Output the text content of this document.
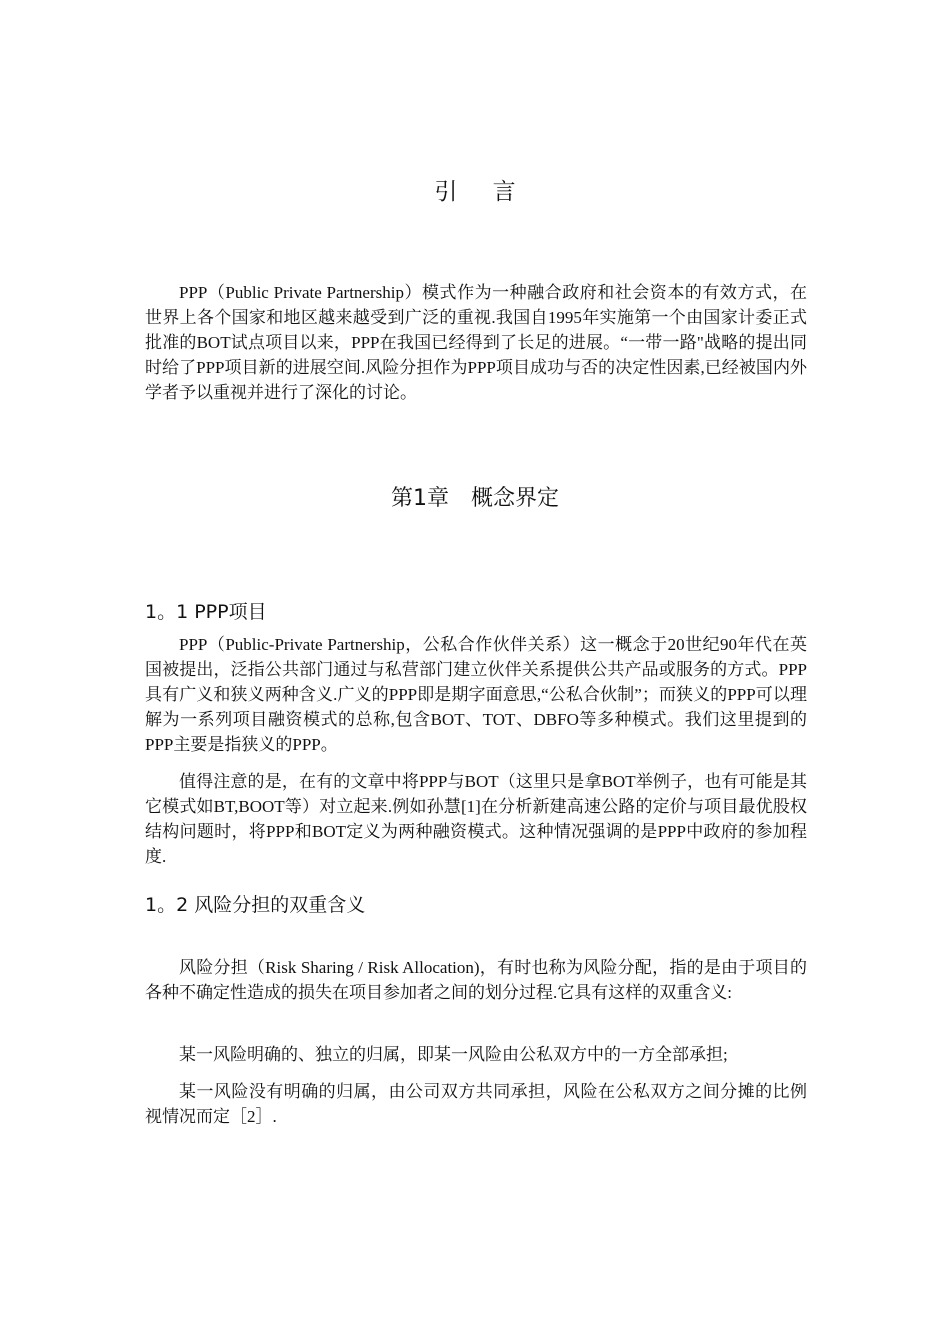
引 言

PPP（Public Private Partnership）模式作为一种融合政府和社会资本的有效方式，在世界上各个国家和地区越来越受到广泛的重视.我国自1995年实施第一个由国家计委正式批准的BOT试点项目以来，PPP在我国已经得到了长足的进展。“一带一路"战略的提出同时给了PPP项目新的进展空间.风险分担作为PPP项目成功与否的决定性因素,已经被国内外学者予以重视并进行了深化的讨论。

第1章　概念界定
1。1 PPP项目

PPP（Public-Private Partnership，公私合作伙伴关系）这一概念于20世纪90年代在英国被提出，泛指公共部门通过与私营部门建立伙伴关系提供公共产品或服务的方式。PPP具有广义和狭义两种含义.广义的PPP即是期字面意思,“公私合伙制”；而狭义的PPP可以理解为一系列项目融资模式的总称,包含BOT、TOT、DBFO等多种模式。我们这里提到的PPP主要是指狭义的PPP。

值得注意的是，在有的文章中将PPP与BOT（这里只是拿BOT举例子，也有可能是其它模式如BT,BOOT等）对立起来.例如孙慧[1]在分析新建高速公路的定价与项目最优股权结构问题时，将PPP和BOT定义为两种融资模式。这种情况强调的是PPP中政府的参加程度.

1。2 风险分担的双重含义

风险分担（Risk Sharing / Risk Allocation)，有时也称为风险分配，指的是由于项目的各种不确定性造成的损失在项目参加者之间的划分过程.它具有这样的双重含义:

某一风险明确的、独立的归属，即某一风险由公私双方中的一方全部承担;

某一风险没有明确的归属，由公司双方共同承担，风险在公私双方之间分摊的比例视情况而定［2］.
